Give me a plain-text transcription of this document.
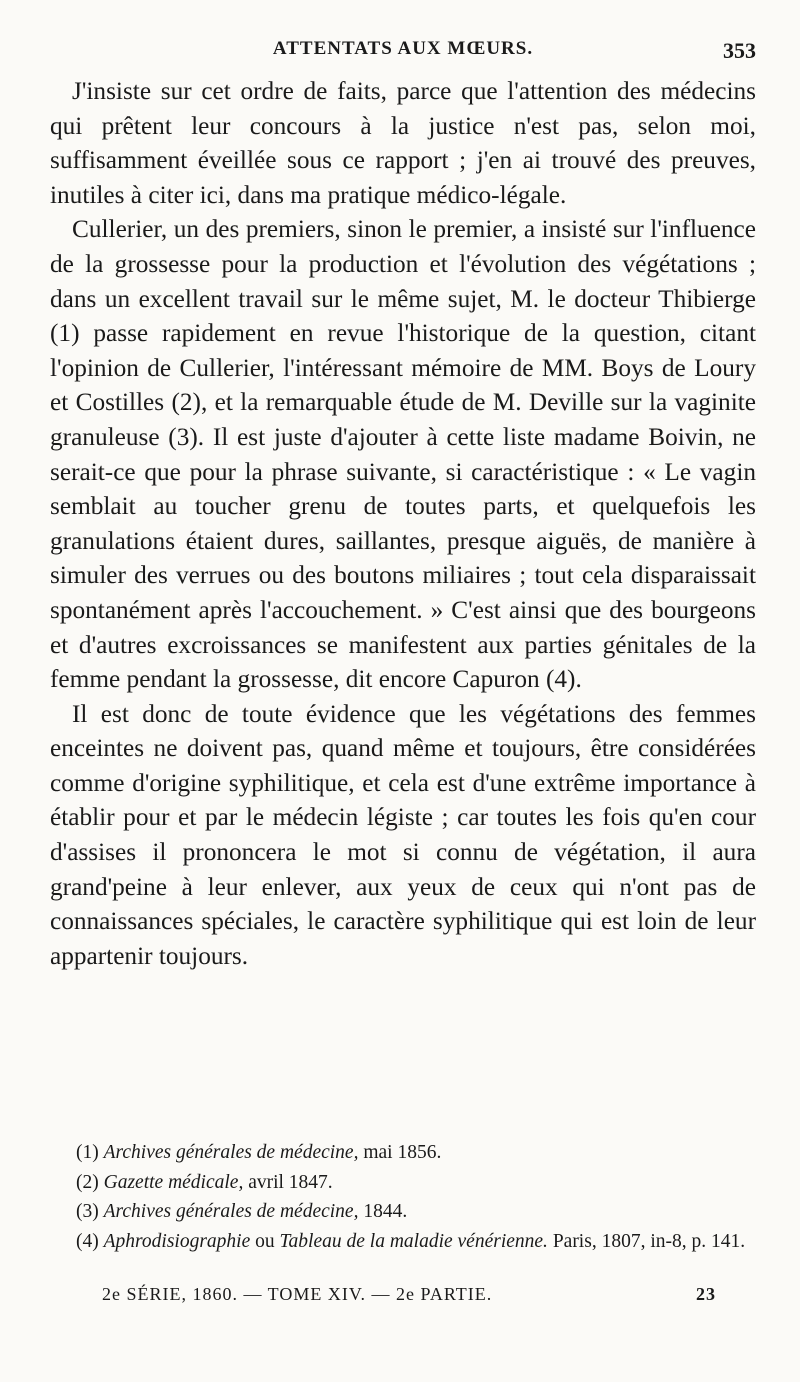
ATTENTATS AUX MŒURS.	353

J'insiste sur cet ordre de faits, parce que l'attention des médecins qui prêtent leur concours à la justice n'est pas, selon moi, suffisamment éveillée sous ce rapport ; j'en ai trouvé des preuves, inutiles à citer ici, dans ma pratique médico-légale.

Cullerier, un des premiers, sinon le premier, a insisté sur l'influence de la grossesse pour la production et l'évolution des végétations ; dans un excellent travail sur le même sujet, M. le docteur Thibierge (1) passe rapidement en revue l'historique de la question, citant l'opinion de Cullerier, l'intéressant mémoire de MM. Boys de Loury et Costilles (2), et la remarquable étude de M. Deville sur la vaginite granuleuse (3). Il est juste d'ajouter à cette liste madame Boivin, ne serait-ce que pour la phrase suivante, si caractéristique : « Le vagin semblait au toucher grenu de toutes parts, et quelquefois les granulations étaient dures, saillantes, presque aiguës, de manière à simuler des verrues ou des boutons miliaires ; tout cela disparaissait spontanément après l'accouchement. » C'est ainsi que des bourgeons et d'autres excroissances se manifestent aux parties génitales de la femme pendant la grossesse, dit encore Capuron (4).

Il est donc de toute évidence que les végétations des femmes enceintes ne doivent pas, quand même et toujours, être considérées comme d'origine syphilitique, et cela est d'une extrême importance à établir pour et par le médecin légiste ; car toutes les fois qu'en cour d'assises il prononcera le mot si connu de végétation, il aura grand'peine à leur enlever, aux yeux de ceux qui n'ont pas de connaissances spéciales, le caractère syphilitique qui est loin de leur appartenir toujours.

(1) Archives générales de médecine, mai 1856.

(2) Gazette médicale, avril 1847.

(3) Archives générales de médecine, 1844.

(4) Aphrodisiographie ou Tableau de la maladie vénérienne. Paris, 1807, in-8, p. 141.

2e SÉRIE, 1860. — TOME XIV. — 2e PARTIE.	23
